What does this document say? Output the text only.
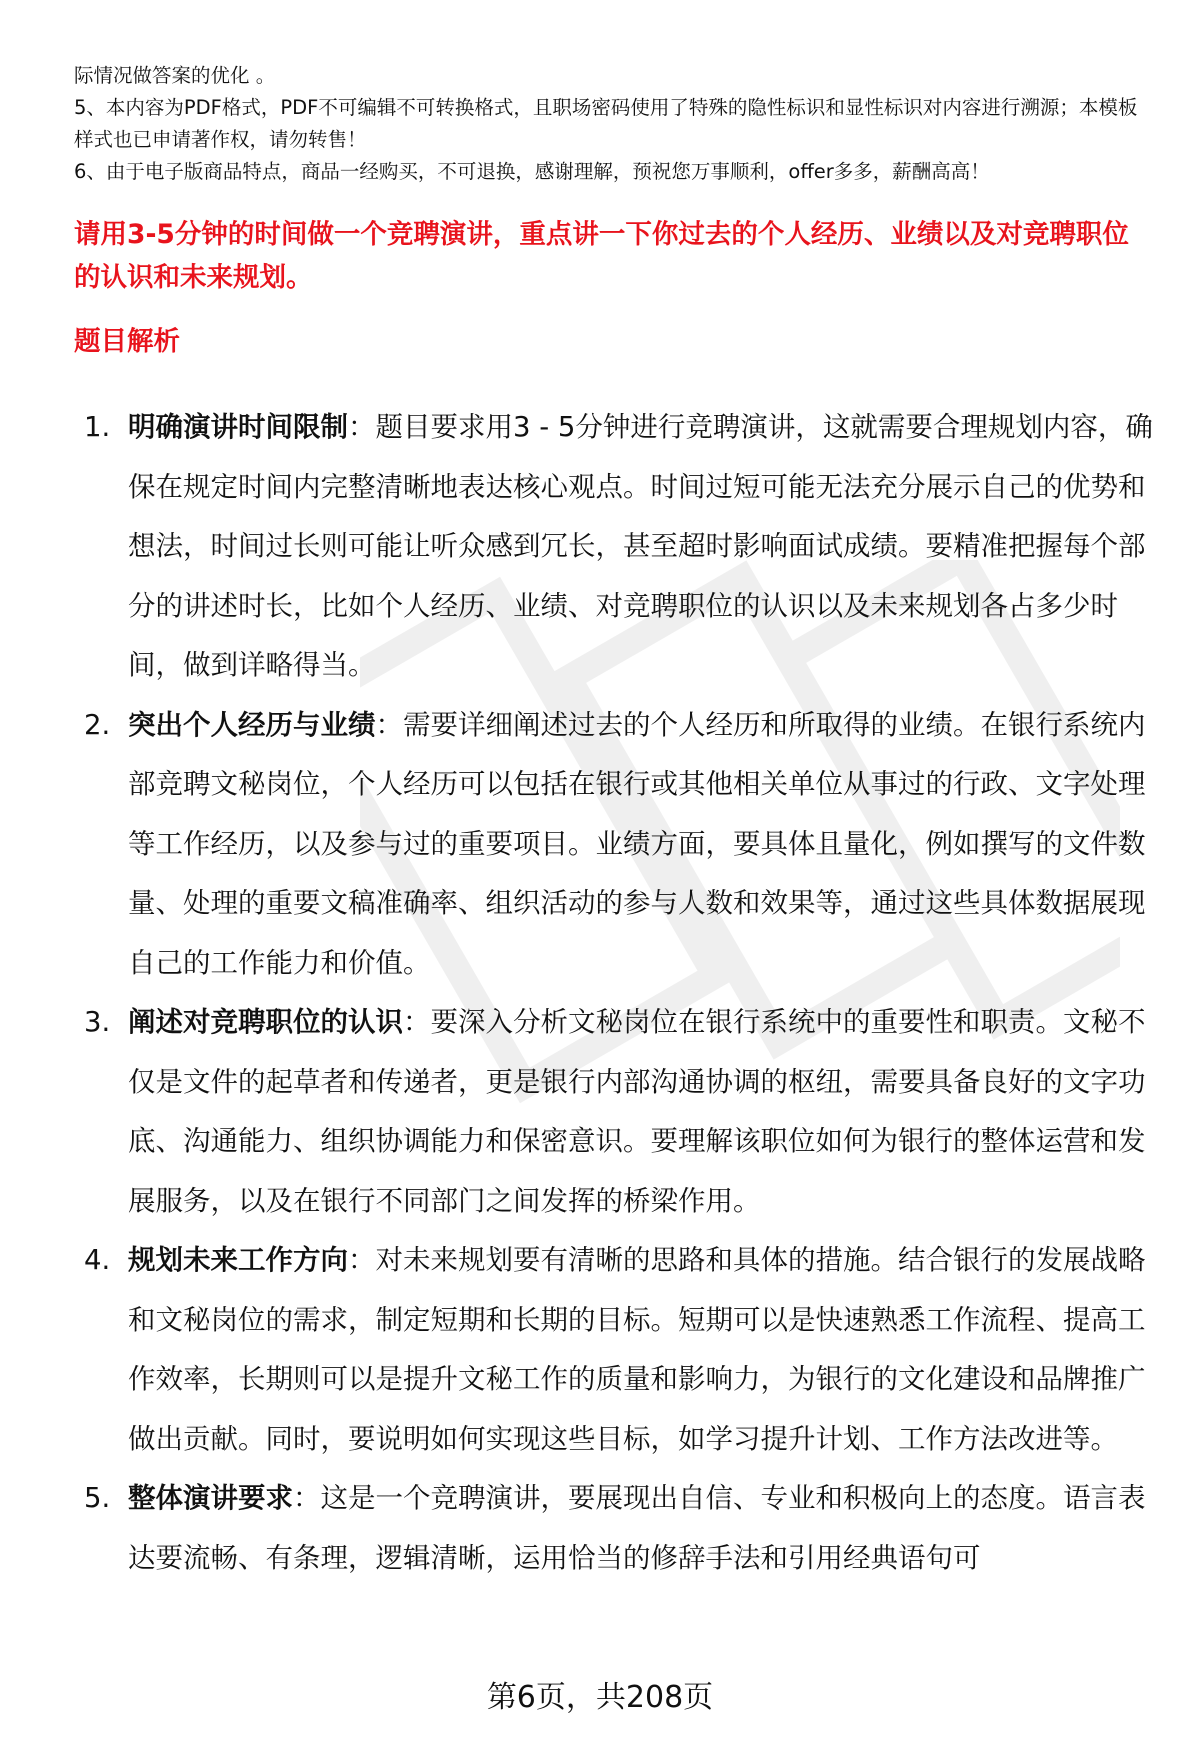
际情况做答案的优化 。

5、本内容为PDF格式，PDF不可编辑不可转换格式，且职场密码使用了特殊的隐性标识和显性标识对内容进行溯源；本模板样式也已申请著作权，请勿转售！

6、由于电子版商品特点，商品一经购买，不可退换，感谢理解，预祝您万事顺利，offer多多，薪酬高高！

请用3-5分钟的时间做一个竞聘演讲，重点讲一下你过去的个人经历、业绩以及对竞聘职位的认识和未来规划。

题目解析

1. 明确演讲时间限制：题目要求用3 - 5分钟进行竞聘演讲，这就需要合理规划内容，确保在规定时间内完整清晰地表达核心观点。时间过短可能无法充分展示自己的优势和想法，时间过长则可能让听众感到冗长，甚至超时影响面试成绩。要精准把握每个部分的讲述时长，比如个人经历、业绩、对竞聘职位的认识以及未来规划各占多少时间，做到详略得当。
2. 突出个人经历与业绩：需要详细阐述过去的个人经历和所取得的业绩。在银行系统内部竞聘文秘岗位，个人经历可以包括在银行或其他相关单位从事过的行政、文字处理等工作经历，以及参与过的重要项目。业绩方面，要具体且量化，例如撰写的文件数量、处理的重要文稿准确率、组织活动的参与人数和效果等，通过这些具体数据展现自己的工作能力和价值。
3. 阐述对竞聘职位的认识：要深入分析文秘岗位在银行系统中的重要性和职责。文秘不仅是文件的起草者和传递者，更是银行内部沟通协调的枢纽，需要具备良好的文字功底、沟通能力、组织协调能力和保密意识。要理解该职位如何为银行的整体运营和发展服务，以及在银行不同部门之间发挥的桥梁作用。
4. 规划未来工作方向：对未来规划要有清晰的思路和具体的措施。结合银行的发展战略和文秘岗位的需求，制定短期和长期的目标。短期可以是快速熟悉工作流程、提高工作效率，长期则可以是提升文秘工作的质量和影响力，为银行的文化建设和品牌推广做出贡献。同时，要说明如何实现这些目标，如学习提升计划、工作方法改进等。
5. 整体演讲要求：这是一个竞聘演讲，要展现出自信、专业和积极向上的态度。语言表达要流畅、有条理，逻辑清晰，运用恰当的修辞手法和引用经典语句可
第6页，共208页
